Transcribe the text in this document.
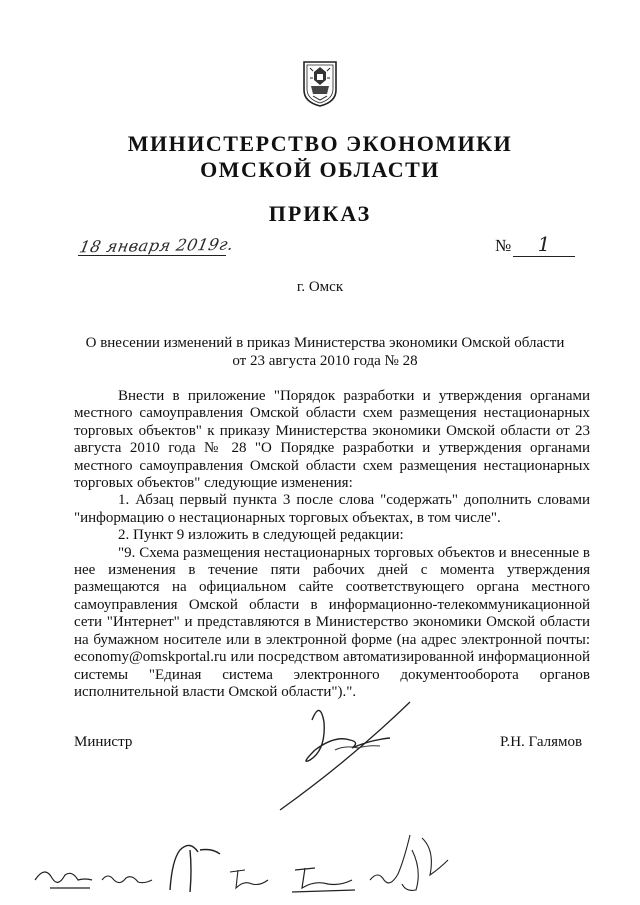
МИНИСТЕРСТВО ЭКОНОМИКИ
ОМСКОЙ ОБЛАСТИ
ПРИКАЗ
18 января 2019г.	№	1
г. Омск
О внесении изменений в приказ Министерства экономики Омской области
от 23 августа 2010 года № 28

Внести в приложение "Порядок разработки и утверждения органами местного самоуправления Омской области схем размещения нестационарных торговых объектов" к приказу Министерства экономики Омской области от 23 августа 2010 года № 28 "О Порядке разработки и утверждения органами местного самоуправления Омской области схем размещения нестационарных торговых объектов" следующие изменения:

1. Абзац первый пункта 3 после слова "содержать" дополнить словами "информацию о нестационарных торговых объектах, в том числе".

2. Пункт 9 изложить в следующей редакции:

"9. Схема размещения нестационарных торговых объектов и внесенные в нее изменения в течение пяти рабочих дней с момента утверждения размещаются на официальном сайте соответствующего органа местного самоуправления Омской области в информационно-телекоммуникационной сети "Интернет" и представляются в Министерство экономики Омской области на бумажном носителе или в электронной форме (на адрес электронной почты: economy@omskportal.ru или посредством автоматизированной информационной системы "Единая система электронного документооборота органов исполнительной власти Омской области").".

Министр	Р.Н. Галямов
